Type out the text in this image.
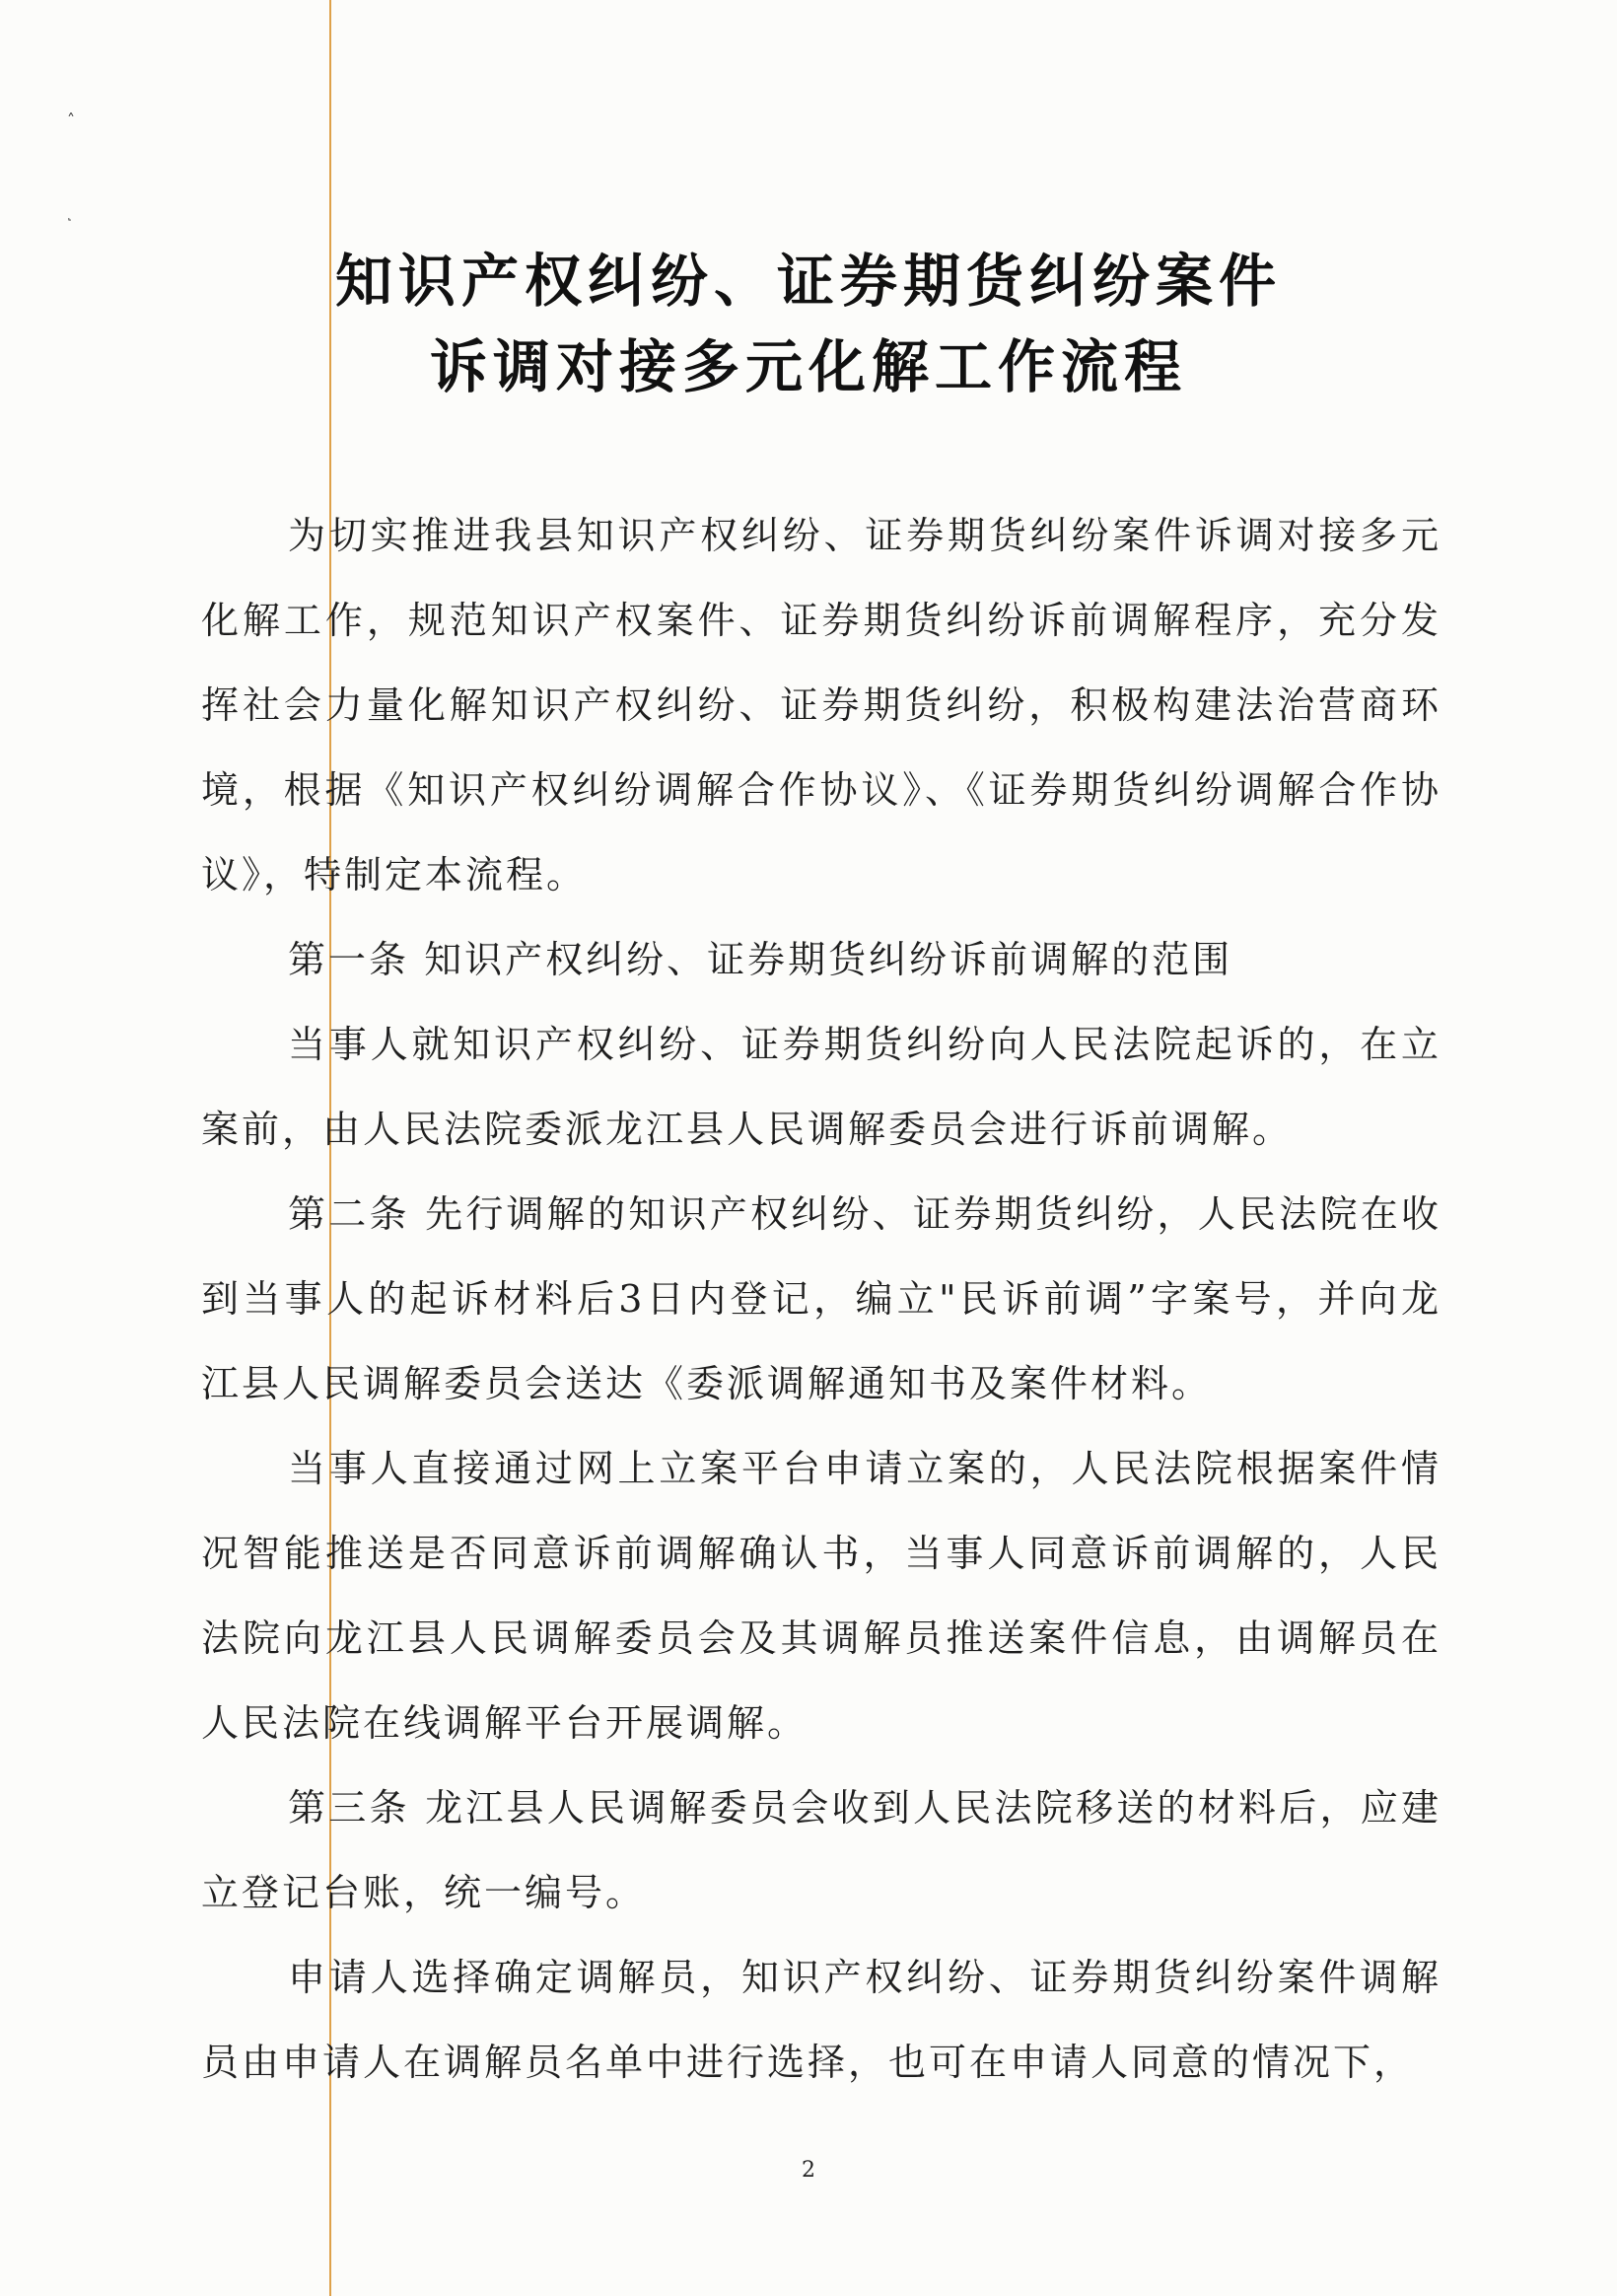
˄
˻
知识产权纠纷、证券期货纠纷案件
诉调对接多元化解工作流程

为切实推进我县知识产权纠纷、证券期货纠纷案件诉调对接多元化解工作，规范知识产权案件、证券期货纠纷诉前调解程序，充分发挥社会力量化解知识产权纠纷、证券期货纠纷，积极构建法治营商环境，根据《知识产权纠纷调解合作协议》、《证券期货纠纷调解合作协议》，特制定本流程。

第一条 知识产权纠纷、证券期货纠纷诉前调解的范围

当事人就知识产权纠纷、证券期货纠纷向人民法院起诉的，在立案前，由人民法院委派龙江县人民调解委员会进行诉前调解。

第二条 先行调解的知识产权纠纷、证券期货纠纷，人民法院在收到当事人的起诉材料后3日内登记，编立"民诉前调”字案号，并向龙江县人民调解委员会送达《委派调解通知书及案件材料。

当事人直接通过网上立案平台申请立案的，人民法院根据案件情况智能推送是否同意诉前调解确认书，当事人同意诉前调解的，人民法院向龙江县人民调解委员会及其调解员推送案件信息，由调解员在人民法院在线调解平台开展调解。

第三条 龙江县人民调解委员会收到人民法院移送的材料后，应建立登记台账，统一编号。

申请人选择确定调解员，知识产权纠纷、证券期货纠纷案件调解员由申请人在调解员名单中进行选择，也可在申请人同意的情况下，

2
